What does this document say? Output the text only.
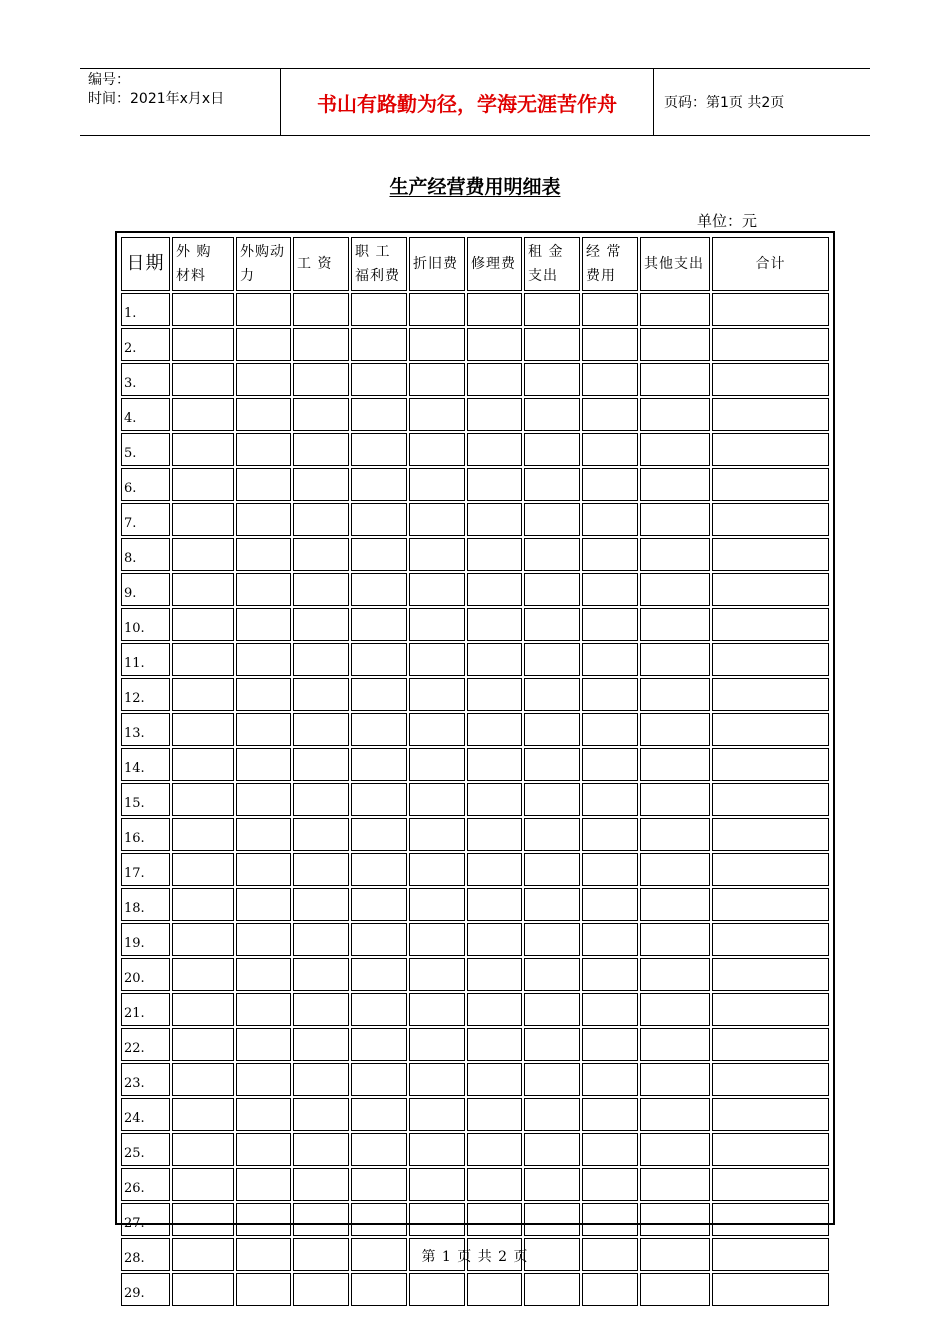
编号：
时间：2021年x月x日	书山有路勤为径，学海无涯苦作舟	页码：第1页 共2页
生产经营费用明细表
单位：元
日期	外 购 材料	外购动力	工 资	职 工 福利费	折旧费	修理费	租 金 支出	经 常 费用	其他支出	合计
1.										
2.										
3.										
4.										
5.										
6.										
7.										
8.										
9.										
10.										
11.										
12.										
13.										
14.										
15.										
16.										
17.										
18.										
19.										
20.										
21.										
22.										
23.										
24.										
25.										
26.										
27.										
28.										
29.										
第 1 页 共 2 页
